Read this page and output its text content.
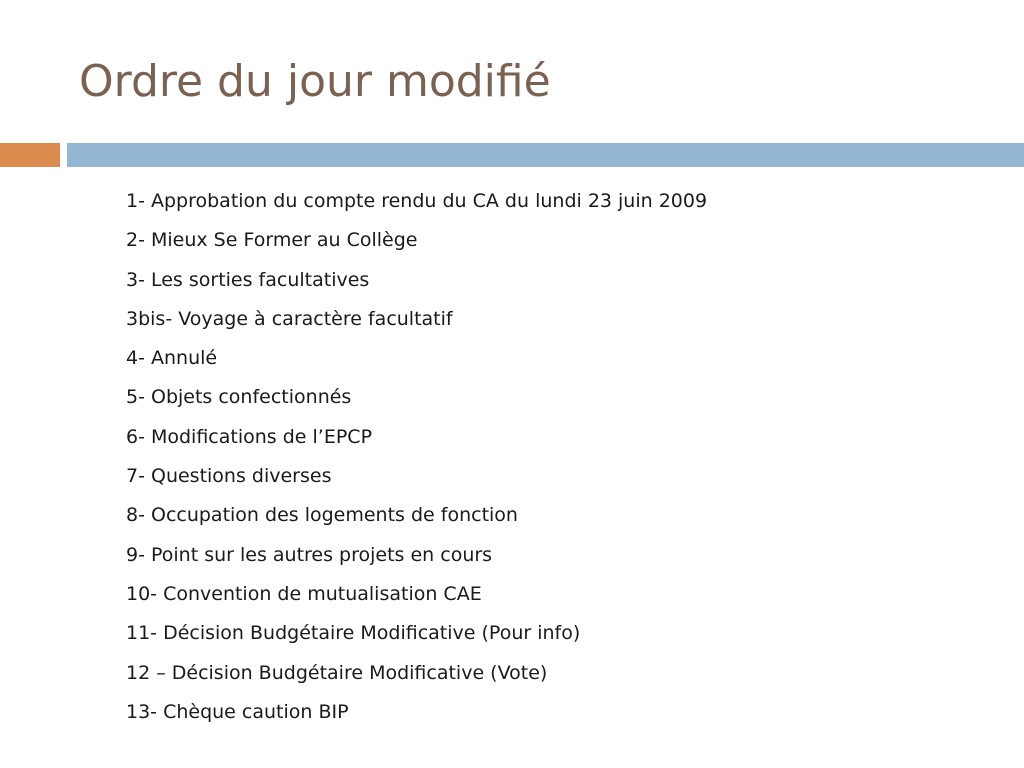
Ordre du jour modifié
1- Approbation du compte rendu du CA du lundi 23 juin 2009
2- Mieux Se Former au Collège
3- Les sorties facultatives
3bis- Voyage à caractère facultatif
4- Annulé
5- Objets confectionnés
6- Modifications de l’EPCP
7- Questions diverses
8- Occupation des logements de fonction
9- Point sur les autres projets en cours
10- Convention de mutualisation CAE
11- Décision Budgétaire Modificative (Pour info)
12 – Décision Budgétaire Modificative (Vote)
13- Chèque caution BIP
